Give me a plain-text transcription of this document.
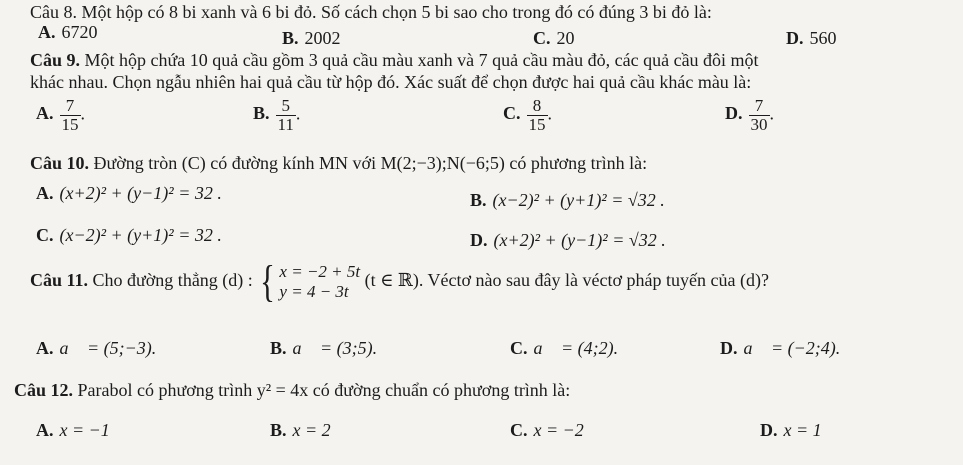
Câu 8. Một hộp có 8 bi xanh và 6 bi đỏ. Số cách chọn 5 bi sao cho trong đó có đúng 3 bi đỏ là:
A. 6720	B. 2002	C. 20	D. 560
Câu 9. Một hộp chứa 10 quả cầu gồm 3 quả cầu màu xanh và 7 quả cầu màu đỏ, các quả cầu đôi một
khác nhau. Chọn ngẫu nhiên hai quả cầu từ hộp đó. Xác suất để chọn được hai quả cầu khác màu là:
A. $\frac{7}{15}$ .	B. $\frac{5}{11}$ .	C. $\frac{8}{15}$ .	D. $\frac{7}{30}$ .
Câu 10. Đường tròn (C) có đường kính MN với M(2;−3);N(−6;5) có phương trình là:
A. (x+2)² + (y−1)² = 32 .	B. (x−2)² + (y+1)² = √32 .
C. (x−2)² + (y+1)² = 32 .	D. (x+2)² + (y−1)² = √32 .
Câu 11. Cho đường thẳng (d) : { x = −2 + 5t
y = 4 − 3t
(t ∈ ℝ). Véctơ nào sau đây là véctơ pháp tuyến của (d)?
A. a⃗ = (5;−3).	B. a⃗ = (3;5).	C. a⃗ = (4;2).	D. a⃗ = (−2;4).
Câu 12. Parabol có phương trình y² = 4x có đường chuẩn có phương trình là:
A. x = −1	B. x = 2	C. x = −2	D. x = 1
